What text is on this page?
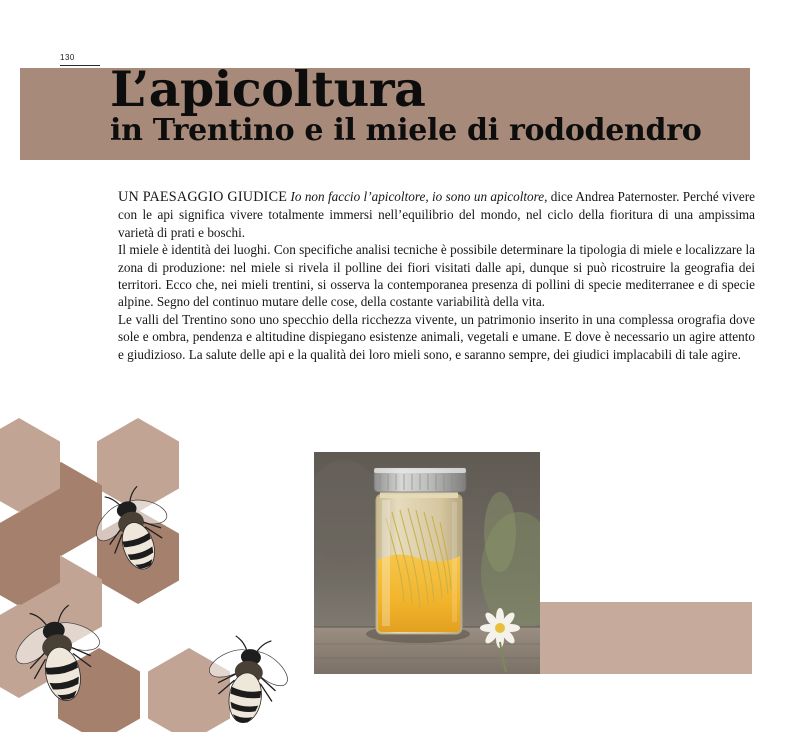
130
L’apicoltura
in Trentino e il miele di rododendro

UN PAESAGGIO GIUDICE Io non faccio l’apicoltore, io sono un apicoltore, dice Andrea Paternoster. Perché vivere con le api significa vivere totalmente immersi nell’equilibrio del mondo, nel ciclo della fioritura di una ampissima varietà di prati e boschi.

Il miele è identità dei luoghi. Con specifiche analisi tecniche è possibile determinare la tipologia di miele e localizzare la zona di produzione: nel miele si rivela il polline dei fiori visitati dalle api, dunque si può ricostruire la geografia dei territori. Ecco che, nei mieli trentini, si osserva la contemporanea presenza di pollini di specie mediterranee e di specie alpine. Segno del continuo mutare delle cose, della costante variabilità della vita.

Le valli del Trentino sono uno specchio della ricchezza vivente, un patrimonio inserito in una complessa orografia dove sole e ombra, pendenza e altitudine dispiegano esistenze animali, vegetali e umane. E dove è necessario un agire attento e giudizioso. La salute delle api e la qualità dei loro mieli sono, e saranno sempre, dei giudici implacabili di tale agire.
